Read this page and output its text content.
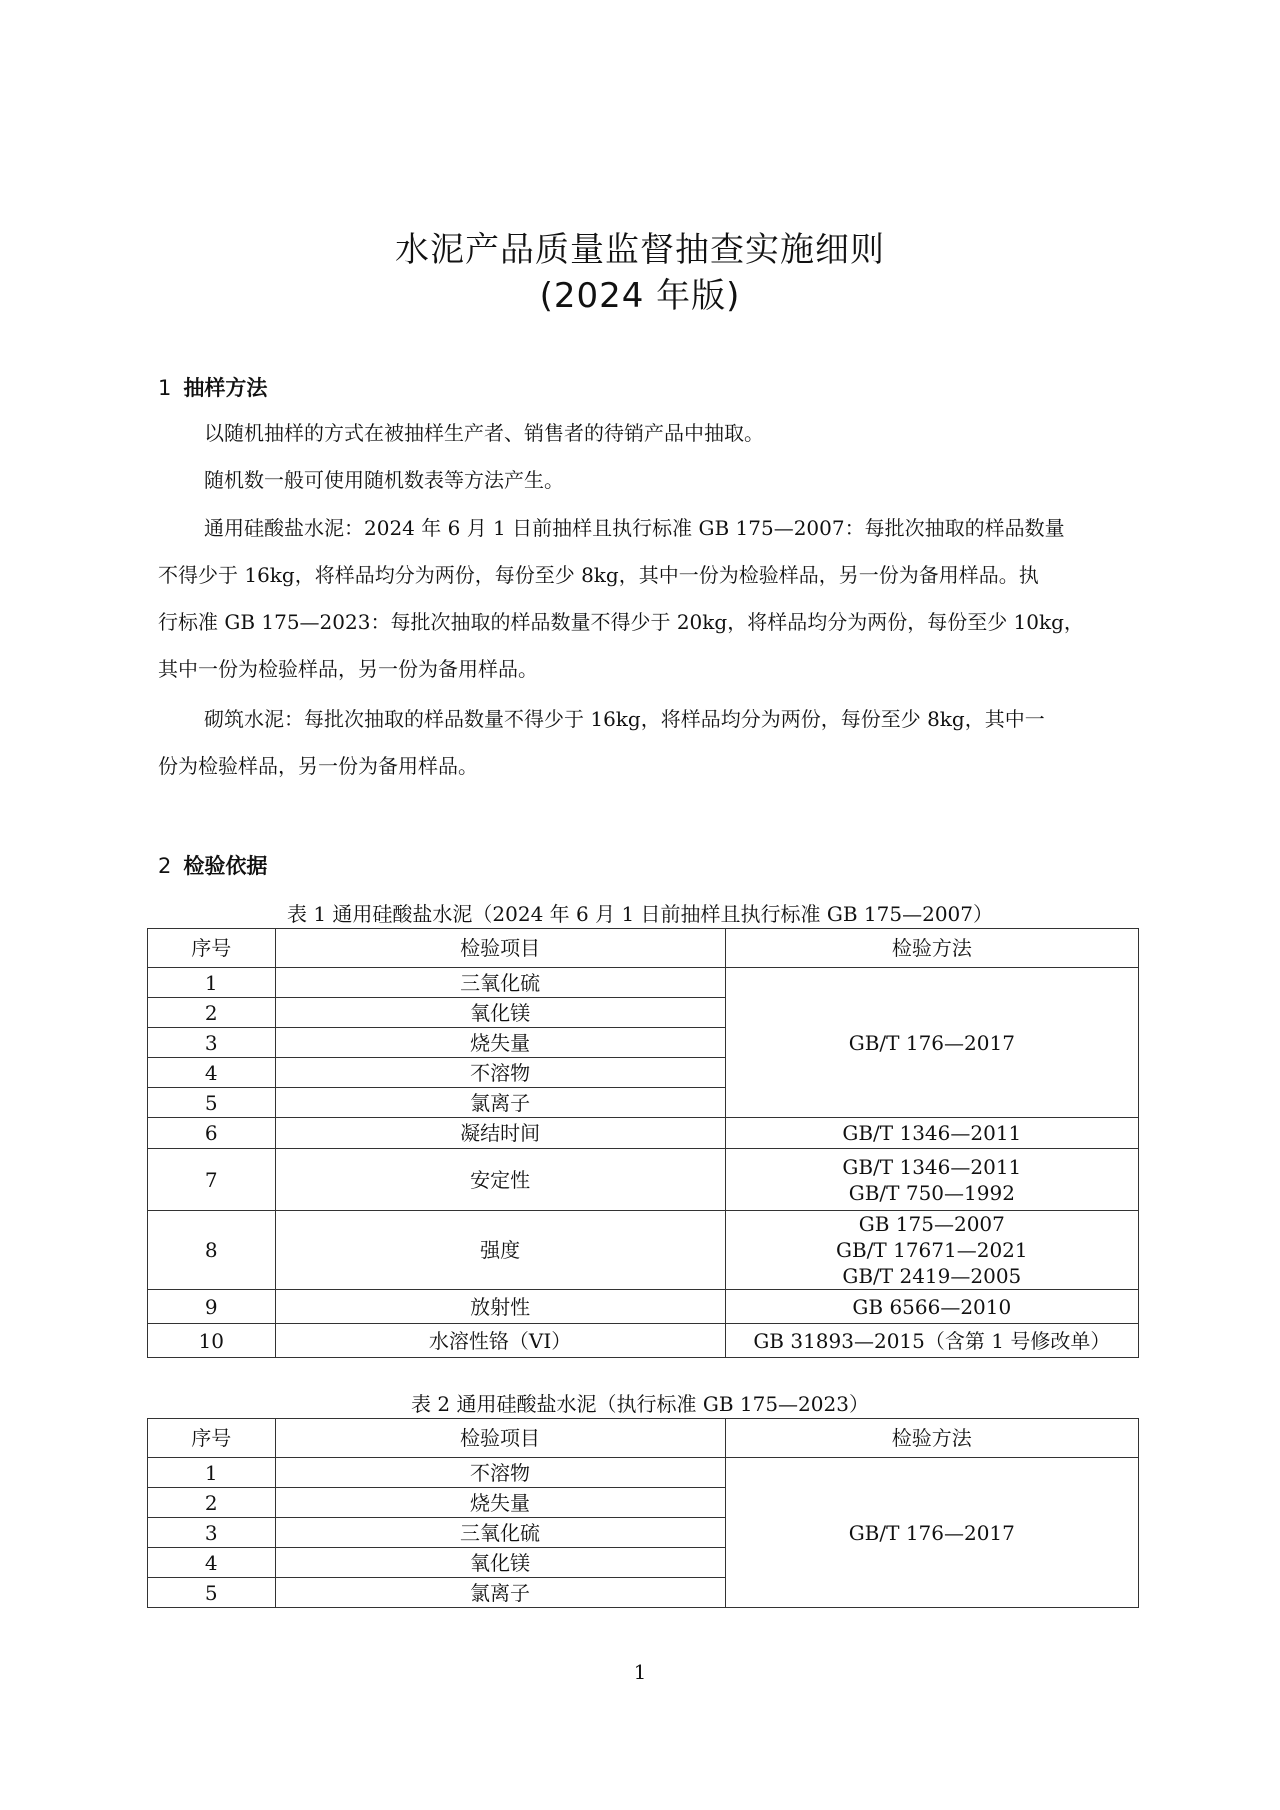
水泥产品质量监督抽查实施细则
(2024 年版)
1 抽样方法
以随机抽样的方式在被抽样生产者、销售者的待销产品中抽取。
随机数一般可使用随机数表等方法产生。
通用硅酸盐水泥：2024 年 6 月 1 日前抽样且执行标准 GB 175—2007：每批次抽取的样品数量
不得少于 16kg，将样品均分为两份，每份至少 8kg，其中一份为检验样品，另一份为备用样品。执
行标准 GB 175—2023：每批次抽取的样品数量不得少于 20kg，将样品均分为两份，每份至少 10kg，
其中一份为检验样品，另一份为备用样品。
砌筑水泥：每批次抽取的样品数量不得少于 16kg，将样品均分为两份，每份至少 8kg，其中一
份为检验样品，另一份为备用样品。
2 检验依据
表 1 通用硅酸盐水泥（2024 年 6 月 1 日前抽样且执行标准 GB 175—2007）
序号	检验项目	检验方法
1	三氧化硫	GB/T 176—2017
2	氧化镁	
3	烧失量	
4	不溶物	
5	氯离子	
6	凝结时间	GB/T 1346—2011
7	安定性	GB/T 1346—2011
GB/T 750—1992

8	强度	GB 175—2007
GB/T 17671—2021
GB/T 2419—2005

9	放射性	GB 6566—2010
10	水溶性铬（VI）	GB 31893—2015（含第 1 号修改单）
表 2 通用硅酸盐水泥（执行标准 GB 175—2023）
序号	检验项目	检验方法
1	不溶物	GB/T 176—2017
2	烧失量	
3	三氧化硫	
4	氧化镁	
5	氯离子	
1
